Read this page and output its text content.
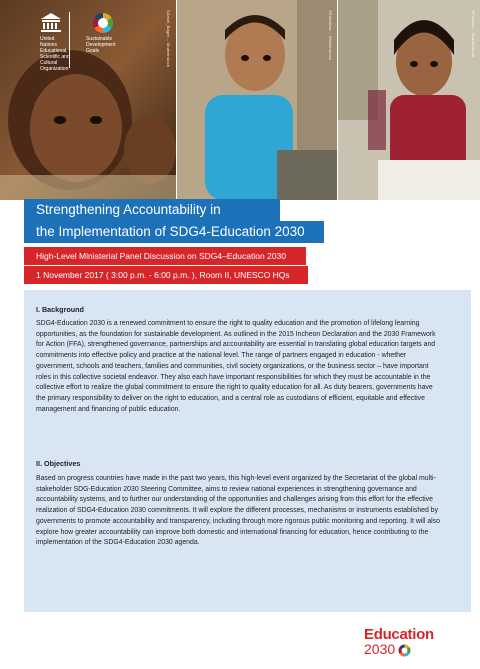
©Arsel_Bager – Shutterstock	©Eskaflow – Shutterstock	©Fazana – Shutterstock
United Nations Educational, Scientific and Cultural Organization
Sustainable Development Goals
Strengthening Accountability in
the Implementation of SDG4-Education 2030
High-Level Ministerial Panel Discussion on SDG4–Education 2030
1 November 2017 ( 3:00 p.m. - 6:00 p.m. ), Room II, UNESCO HQs
I. Background
SDG4-Education 2030 is a renewed commitment to ensure the right to quality education and the promotion of lifelong learning opportunities, as the foundation for sustainable development. As outlined in the 2015 Incheon Declaration and the 2030 Framework for Action (FFA), strengthened governance, partnerships and accountability are essential in translating global education targets and commitments into effective policy and practice at the national level. The range of partners engaged in education - whether government, schools and teachers, families and communities, civil society organizations, or the business sector – have important roles in this collective societal endeavor. They also each have important responsibilities for which they must be accountable in the collective effort to realize the global commitment to ensure the right to quality education for all. As duty bearers, governments have the primary responsibility to deliver on the right to education, and a central role as custodians of efficient, equitable and effective management and financing of public education.
II. Objectives
Based on progress countries have made in the past two years, this high-level event organized by the Secretariat of the global multi-stakeholder SDG-Education 2030 Steering Committee, aims to review national experiences in strengthening governance and accountability systems, and to further our understanding of the opportunities and challenges arising from this effort for the effective realization of SDG4-Education 2030 commitments. It will explore the different processes, mechanisms or instruments established by governments to promote accountability and transparency, including through more rigorous public monitoring and reporting. It will also explore how greater accountability can improve both domestic and international financing for education, hence contributing to the implementation of the SDG4-Education 2030 agenda.
Education
2030
